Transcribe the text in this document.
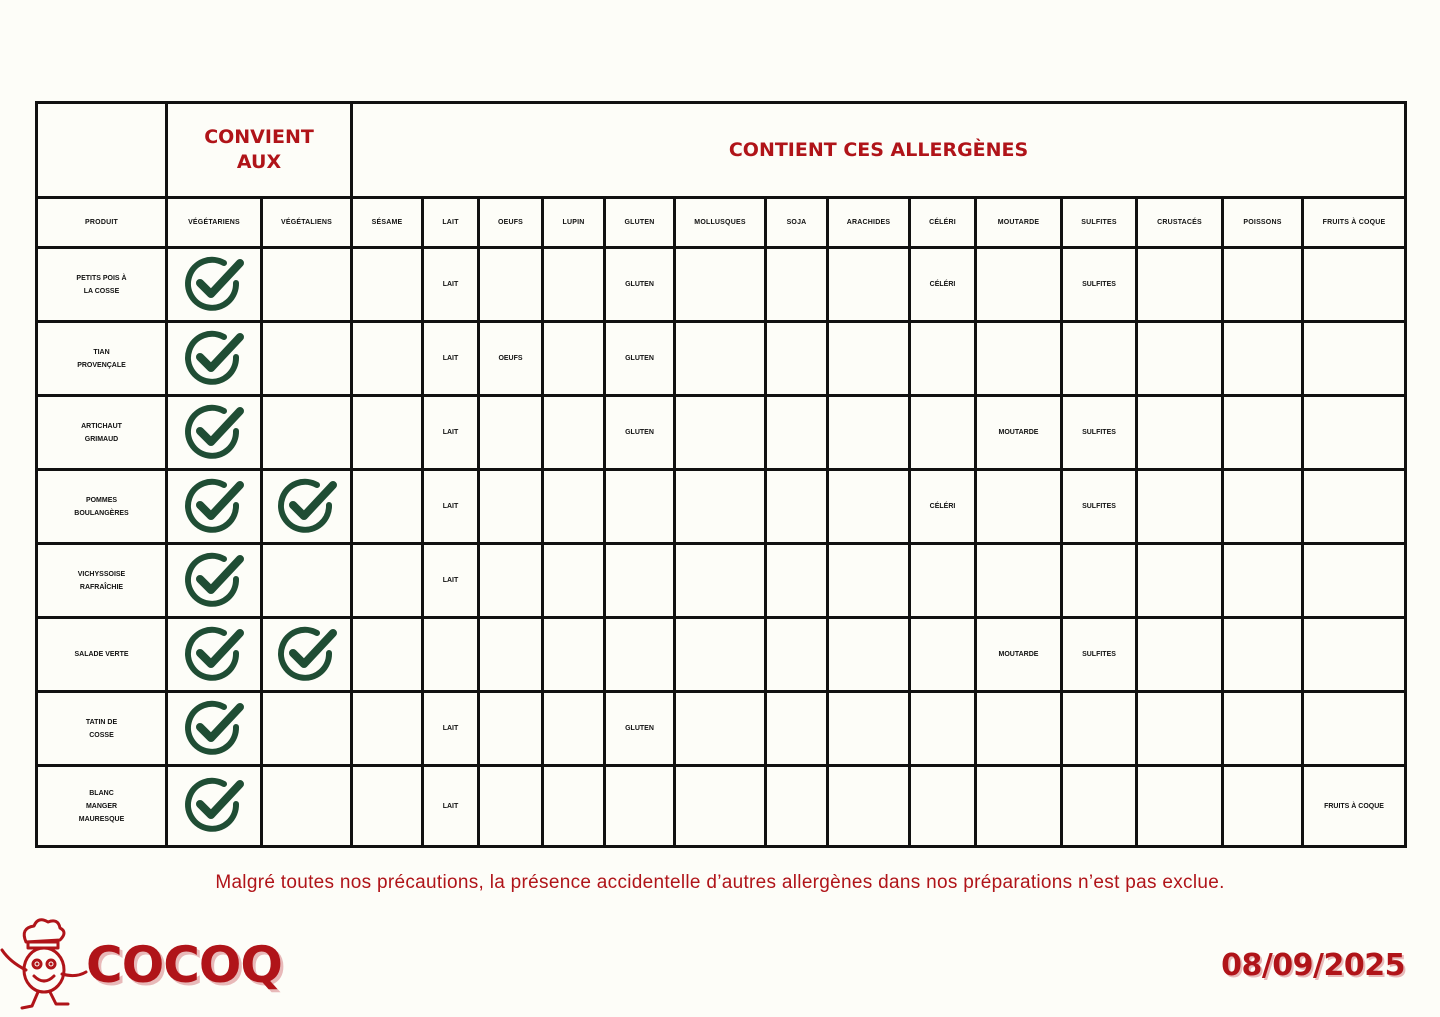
	CONVIENT
AUX		CONTIENT CES ALLERGÈNES													
PRODUIT	VÉGÉTARIENS	VÉGÉTALIENS	SÉSAME	LAIT	OEUFS	LUPIN	GLUTEN	MOLLUSQUES	SOJA	ARACHIDES	CÉLÉRI	MOUTARDE	SULFITES	CRUSTACÉS	POISSONS	FRUITS À COQUE

PETITS POIS À
LA COSSE				LAIT			GLUTEN				CÉLÉRI		SULFITES			

TIAN
PROVENÇALE				LAIT	OEUFS		GLUTEN									

ARTICHAUT
GRIMAUD				LAIT			GLUTEN					MOUTARDE	SULFITES			

POMMES
BOULANGÈRES				LAIT							CÉLÉRI		SULFITES			

VICHYSSOISE
RAFRAÎCHIE				LAIT												

SALADE VERTE												MOUTARDE	SULFITES			

TATIN DE
COSSE				LAIT			GLUTEN									

BLANC
MANGER
MAURESQUE				LAIT												FRUITS À COQUE
Malgré toutes nos précautions, la présence accidentelle d’autres allergènes dans nos préparations n’est pas exclue.
COCOQ	08/09/2025
